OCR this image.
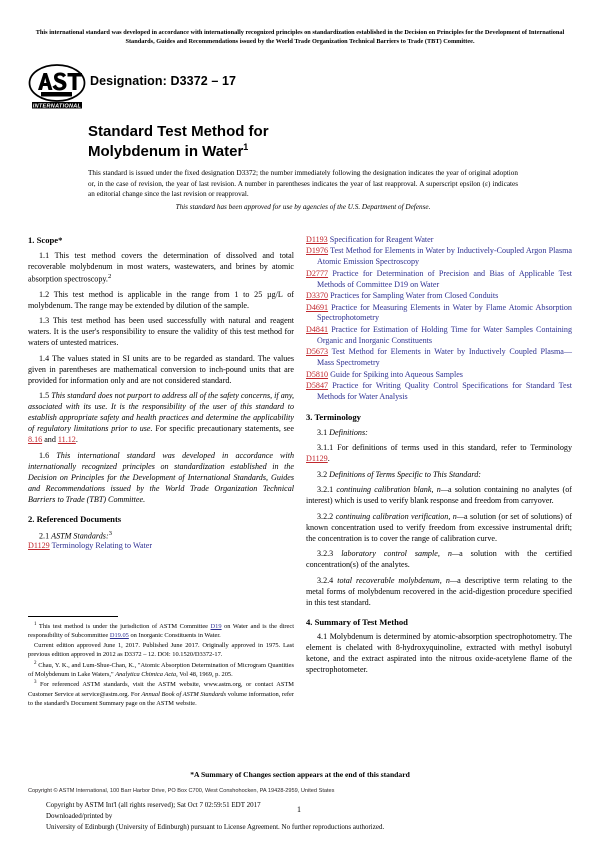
This international standard was developed in accordance with internationally recognized principles on standardization established in the Decision on Principles for the Development of International Standards, Guides and Recommendations issued by the World Trade Organization Technical Barriers to Trade (TBT) Committee.
INTERNATIONAL
Designation: D3372 – 17
Standard Test Method for
Molybdenum in Water$^1$
This standard is issued under the fixed designation D3372; the number immediately following the designation indicates the year of original adoption or, in the case of revision, the year of last revision. A number in parentheses indicates the year of last reapproval. A superscript epsilon (ε) indicates an editorial change since the last revision or reapproval.
This standard has been approved for use by agencies of the U.S. Department of Defense.
1. Scope*

1.1 This test method covers the determination of dissolved and total recoverable molybdenum in most waters, wastewaters, and brines by atomic absorption spectroscopy.$^2$

1.2 This test method is applicable in the range from 1 to 25 µg/L of molybdenum. The range may be extended by dilution of the sample.

1.3 This test method has been used successfully with natural and reagent waters. It is the user's responsibility to ensure the validity of this test method for waters of untested matrices.

1.4 The values stated in SI units are to be regarded as standard. The values given in parentheses are mathematical conversion to inch-pound units that are provided for information only and are not considered standard.

1.5 This standard does not purport to address all of the safety concerns, if any, associated with its use. It is the responsibility of the user of this standard to establish appropriate safety and health practices and determine the applicability of regulatory limitations prior to use. For specific precautionary statements, see 8.16 and 11.12.

1.6 This international standard was developed in accordance with internationally recognized principles on standardization established in the Decision on Principles for the Development of International Standards, Guides and Recommendations issued by the World Trade Organization Technical Barriers to Trade (TBT) Committee.

2. Referenced Documents

2.1 ASTM Standards:$^3$

D1129 Terminology Relating to Water
D1193 Specification for Reagent Water
D1976 Test Method for Elements in Water by Inductively-Coupled Argon Plasma Atomic Emission Spectroscopy
D2777 Practice for Determination of Precision and Bias of Applicable Test Methods of Committee D19 on Water
D3370 Practices for Sampling Water from Closed Conduits
D4691 Practice for Measuring Elements in Water by Flame Atomic Absorption Spectrophotometry
D4841 Practice for Estimation of Holding Time for Water Samples Containing Organic and Inorganic Constituents
D5673 Test Method for Elements in Water by Inductively Coupled Plasma—Mass Spectrometry
D5810 Guide for Spiking into Aqueous Samples
D5847 Practice for Writing Quality Control Specifications for Standard Test Methods for Water Analysis
3. Terminology

3.1 Definitions:

3.1.1 For definitions of terms used in this standard, refer to Terminology D1129.

3.2 Definitions of Terms Specific to This Standard:

3.2.1 continuing calibration blank, n—a solution containing no analytes (of interest) which is used to verify blank response and freedom from carryover.

3.2.2 continuing calibration verification, n—a solution (or set of solutions) of known concentration used to verify freedom from excessive instrumental drift; the concentration is to cover the range of calibration curve.

3.2.3 laboratory control sample, n—a solution with the certified concentration(s) of the analytes.

3.2.4 total recoverable molybdenum, n—a descriptive term relating to the metal forms of molybdenum recovered in the acid-digestion procedure specified in this test standard.

4. Summary of Test Method

4.1 Molybdenum is determined by atomic-absorption spectrophotometry. The element is chelated with 8-hydroxyquinoline, extracted with methyl isobutyl ketone, and the extract aspirated into the nitrous oxide-acetylene flame of the spectrophotometer.

$^1$ This test method is under the jurisdiction of ASTM Committee D19 on Water and is the direct responsibility of Subcommittee D19.05 on Inorganic Constituents in Water.

Current edition approved June 1, 2017. Published June 2017. Originally approved in 1975. Last previous edition approved in 2012 as D3372 – 12. DOI: 10.1520/D3372-17.

$^2$ Chau, Y. K., and Lum-Shue-Chan, K., "Atomic Absorption Determination of Microgram Quantities of Molybdenum in Lake Waters," Analytica Chimica Acta, Vol 48, 1969, p. 205.

$^3$ For referenced ASTM standards, visit the ASTM website, www.astm.org, or contact ASTM Customer Service at service@astm.org. For Annual Book of ASTM Standards volume information, refer to the standard's Document Summary page on the ASTM website.

*A Summary of Changes section appears at the end of this standard
Copyright © ASTM International, 100 Barr Harbor Drive, PO Box C700, West Conshohocken, PA 19428-2959, United States
Copyright by ASTM Int'l (all rights reserved); Sat Oct 7 02:59:51 EDT 2017
Downloaded/printed by
University of Edinburgh (University of Edinburgh) pursuant to License Agreement. No further reproductions authorized.
1
